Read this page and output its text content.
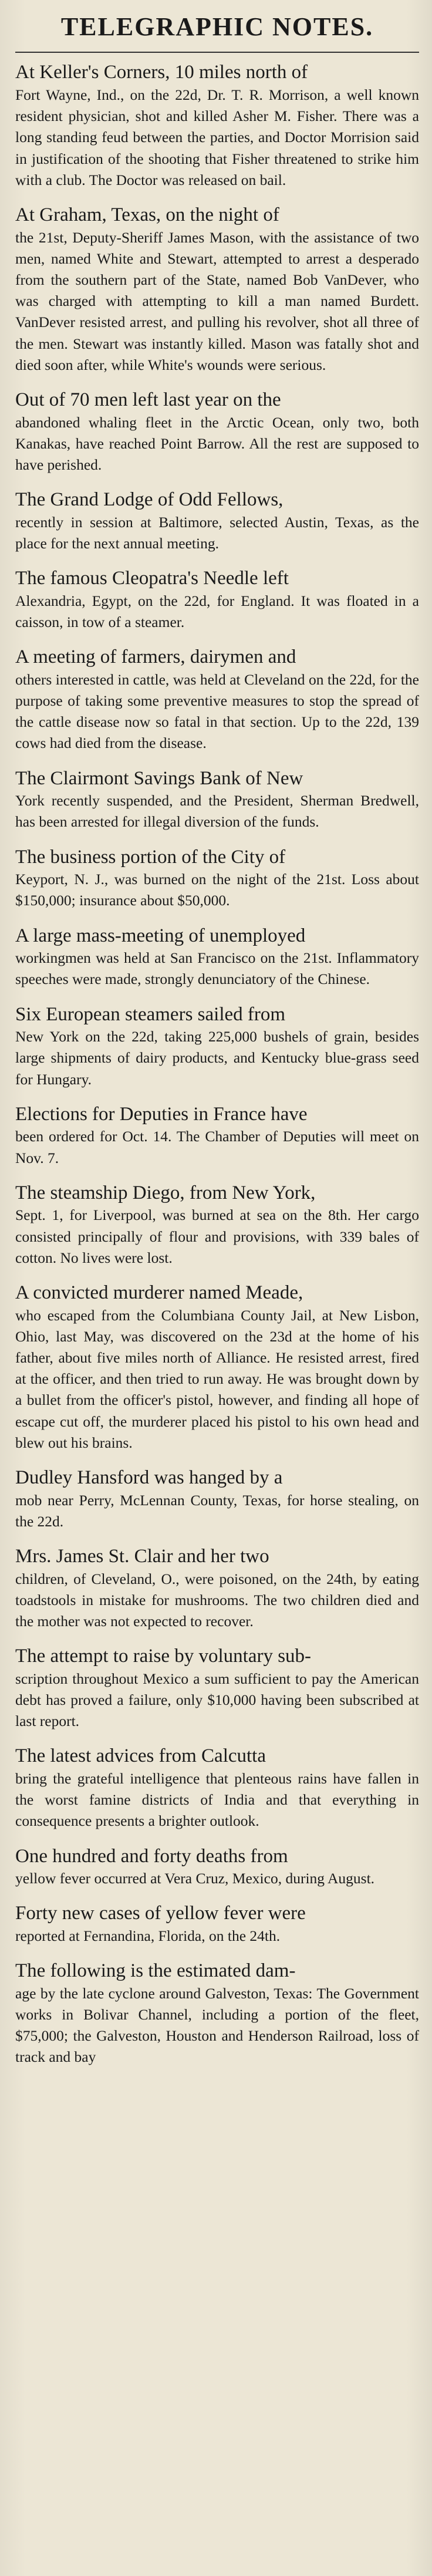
TELEGRAPHIC NOTES.

At Keller's Corners, 10 miles north of
Fort Wayne, Ind., on the 22d, Dr. T. R. Morrison, a well known resident physician, shot and killed Asher M. Fisher. There was a long standing feud between the parties, and Doctor Morrision said in justification of the shooting that Fisher threatened to strike him with a club. The Doctor was released on bail.

At Graham, Texas, on the night of
the 21st, Deputy-Sheriff James Mason, with the assistance of two men, named White and Stewart, attempted to arrest a desperado from the southern part of the State, named Bob VanDever, who was charged with attempting to kill a man named Burdett. VanDever resisted arrest, and pulling his revolver, shot all three of the men. Stewart was instantly killed. Mason was fatally shot and died soon after, while White's wounds were serious.

Out of 70 men left last year on the
abandoned whaling fleet in the Arctic Ocean, only two, both Kanakas, have reached Point Barrow. All the rest are supposed to have perished.

The Grand Lodge of Odd Fellows,
recently in session at Baltimore, selected Austin, Texas, as the place for the next annual meeting.

The famous Cleopatra's Needle left
Alexandria, Egypt, on the 22d, for England. It was floated in a caisson, in tow of a steamer.

A meeting of farmers, dairymen and
others interested in cattle, was held at Cleveland on the 22d, for the purpose of taking some preventive measures to stop the spread of the cattle disease now so fatal in that section. Up to the 22d, 139 cows had died from the disease.

The Clairmont Savings Bank of New
York recently suspended, and the President, Sherman Bredwell, has been arrested for illegal diversion of the funds.

The business portion of the City of
Keyport, N. J., was burned on the night of the 21st. Loss about $150,000; insurance about $50,000.

A large mass-meeting of unemployed
workingmen was held at San Francisco on the 21st. Inflammatory speeches were made, strongly denunciatory of the Chinese.

Six European steamers sailed from
New York on the 22d, taking 225,000 bushels of grain, besides large shipments of dairy products, and Kentucky blue-grass seed for Hungary.

Elections for Deputies in France have
been ordered for Oct. 14. The Chamber of Deputies will meet on Nov. 7.

The steamship Diego, from New York,
Sept. 1, for Liverpool, was burned at sea on the 8th. Her cargo consisted principally of flour and provisions, with 339 bales of cotton. No lives were lost.

A convicted murderer named Meade,
who escaped from the Columbiana County Jail, at New Lisbon, Ohio, last May, was discovered on the 23d at the home of his father, about five miles north of Alliance. He resisted arrest, fired at the officer, and then tried to run away. He was brought down by a bullet from the officer's pistol, however, and finding all hope of escape cut off, the murderer placed his pistol to his own head and blew out his brains.

Dudley Hansford was hanged by a
mob near Perry, McLennan County, Texas, for horse stealing, on the 22d.

Mrs. James St. Clair and her two
children, of Cleveland, O., were poisoned, on the 24th, by eating toadstools in mistake for mushrooms. The two children died and the mother was not expected to recover.

The attempt to raise by voluntary sub-
scription throughout Mexico a sum sufficient to pay the American debt has proved a failure, only $10,000 having been subscribed at last report.

The latest advices from Calcutta
bring the grateful intelligence that plenteous rains have fallen in the worst famine districts of India and that everything in consequence presents a brighter outlook.

One hundred and forty deaths from
yellow fever occurred at Vera Cruz, Mexico, during August.

Forty new cases of yellow fever were
reported at Fernandina, Florida, on the 24th.

The following is the estimated dam-
age by the late cyclone around Galveston, Texas: The Government works in Bolivar Channel, including a portion of the fleet, $75,000; the Galveston, Houston and Henderson Railroad, loss of track and bay
